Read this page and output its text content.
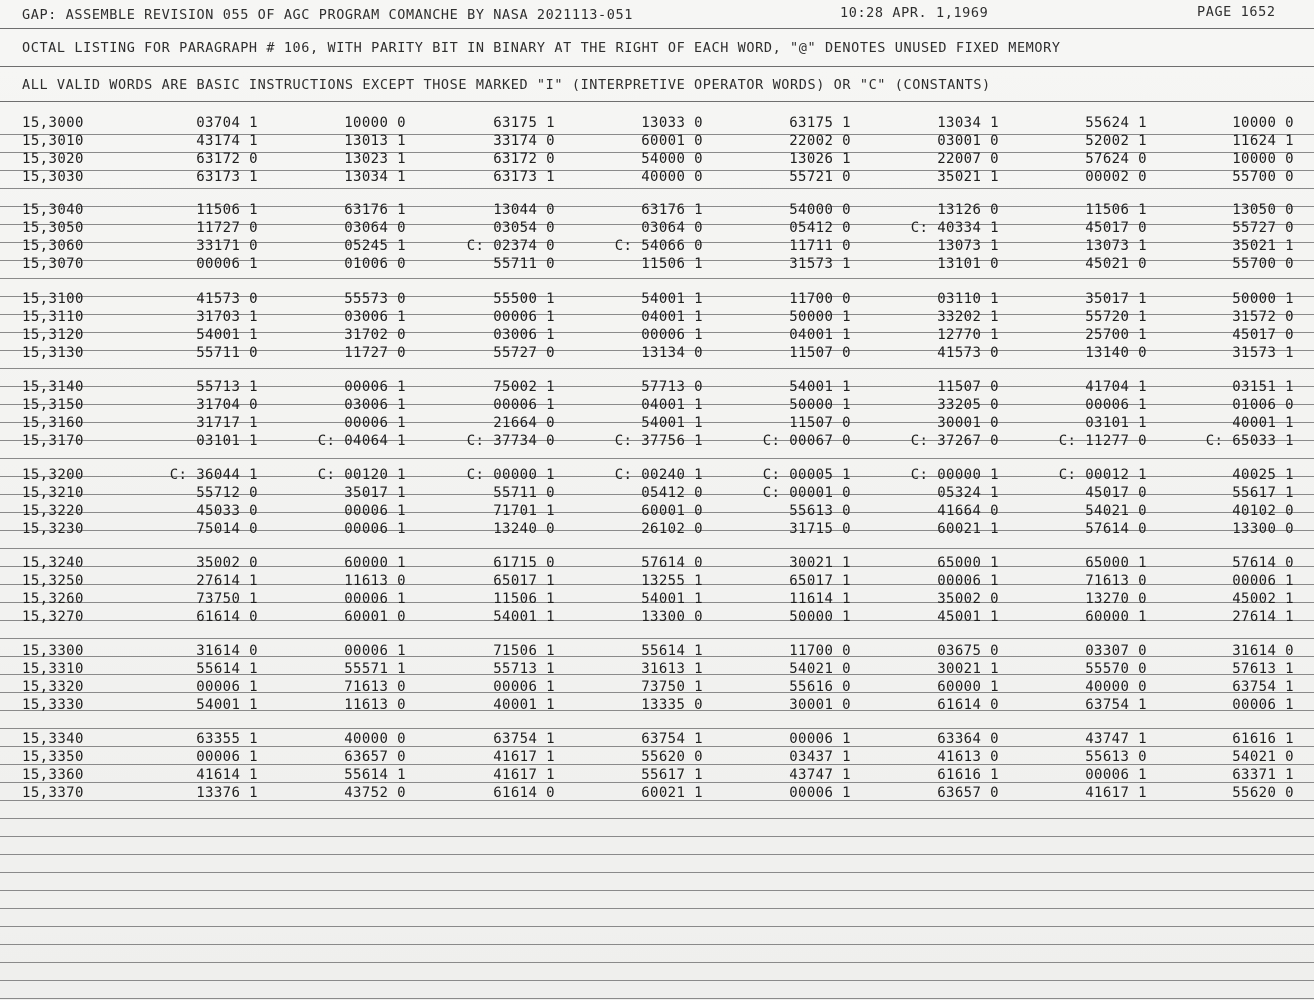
GAP: ASSEMBLE REVISION 055 OF AGC PROGRAM COMANCHE BY NASA 2021113-051	10:28 APR. 1,1969	PAGE 1652
OCTAL LISTING FOR PARAGRAPH # 106, WITH PARITY BIT IN BINARY AT THE RIGHT OF EACH WORD, "@" DENOTES UNUSED FIXED MEMORY
ALL VALID WORDS ARE BASIC INSTRUCTIONS EXCEPT THOSE MARKED "I" (INTERPRETIVE OPERATOR WORDS) OR "C" (CONSTANTS)
15,3000	03704 1	10000 0	63175 1	13033 0	63175 1	13034 1	55624 1	10000 0
15,3010	43174 1	13013 1	33174 0	60001 0	22002 0	03001 0	52002 1	11624 1
15,3020	63172 0	13023 1	63172 0	54000 0	13026 1	22007 0	57624 0	10000 0
15,3030	63173 1	13034 1	63173 1	40000 0	55721 0	35021 1	00002 0	55700 0
15,3040	11506 1	63176 1	13044 0	63176 1	54000 0	13126 0	11506 1	13050 0
15,3050	11727 0	03064 0	03054 0	03064 0	05412 0	C: 40334 1	45017 0	55727 0
15,3060	33171 0	05245 1	C: 02374 0	C: 54066 0	11711 0	13073 1	13073 1	35021 1
15,3070	00006 1	01006 0	55711 0	11506 1	31573 1	13101 0	45021 0	55700 0
15,3100	41573 0	55573 0	55500 1	54001 1	11700 0	03110 1	35017 1	50000 1
15,3110	31703 1	03006 1	00006 1	04001 1	50000 1	33202 1	55720 1	31572 0
15,3120	54001 1	31702 0	03006 1	00006 1	04001 1	12770 1	25700 1	45017 0
15,3130	55711 0	11727 0	55727 0	13134 0	11507 0	41573 0	13140 0	31573 1
15,3140	55713 1	00006 1	75002 1	57713 0	54001 1	11507 0	41704 1	03151 1
15,3150	31704 0	03006 1	00006 1	04001 1	50000 1	33205 0	00006 1	01006 0
15,3160	31717 1	00006 1	21664 0	54001 1	11507 0	30001 0	03101 1	40001 1
15,3170	03101 1	C: 04064 1	C: 37734 0	C: 37756 1	C: 00067 0	C: 37267 0	C: 11277 0	C: 65033 1
15,3200	C: 36044 1	C: 00120 1	C: 00000 1	C: 00240 1	C: 00005 1	C: 00000 1	C: 00012 1	40025 1
15,3210	55712 0	35017 1	55711 0	05412 0	C: 00001 0	05324 1	45017 0	55617 1
15,3220	45033 0	00006 1	71701 1	60001 0	55613 0	41664 0	54021 0	40102 0
15,3230	75014 0	00006 1	13240 0	26102 0	31715 0	60021 1	57614 0	13300 0
15,3240	35002 0	60000 1	61715 0	57614 0	30021 1	65000 1	65000 1	57614 0
15,3250	27614 1	11613 0	65017 1	13255 1	65017 1	00006 1	71613 0	00006 1
15,3260	73750 1	00006 1	11506 1	54001 1	11614 1	35002 0	13270 0	45002 1
15,3270	61614 0	60001 0	54001 1	13300 0	50000 1	45001 1	60000 1	27614 1
15,3300	31614 0	00006 1	71506 1	55614 1	11700 0	03675 0	03307 0	31614 0
15,3310	55614 1	55571 1	55713 1	31613 1	54021 0	30021 1	55570 0	57613 1
15,3320	00006 1	71613 0	00006 1	73750 1	55616 0	60000 1	40000 0	63754 1
15,3330	54001 1	11613 0	40001 1	13335 0	30001 0	61614 0	63754 1	00006 1
15,3340	63355 1	40000 0	63754 1	63754 1	00006 1	63364 0	43747 1	61616 1
15,3350	00006 1	63657 0	41617 1	55620 0	03437 1	41613 0	55613 0	54021 0
15,3360	41614 1	55614 1	41617 1	55617 1	43747 1	61616 1	00006 1	63371 1
15,3370	13376 1	43752 0	61614 0	60021 1	00006 1	63657 0	41617 1	55620 0
